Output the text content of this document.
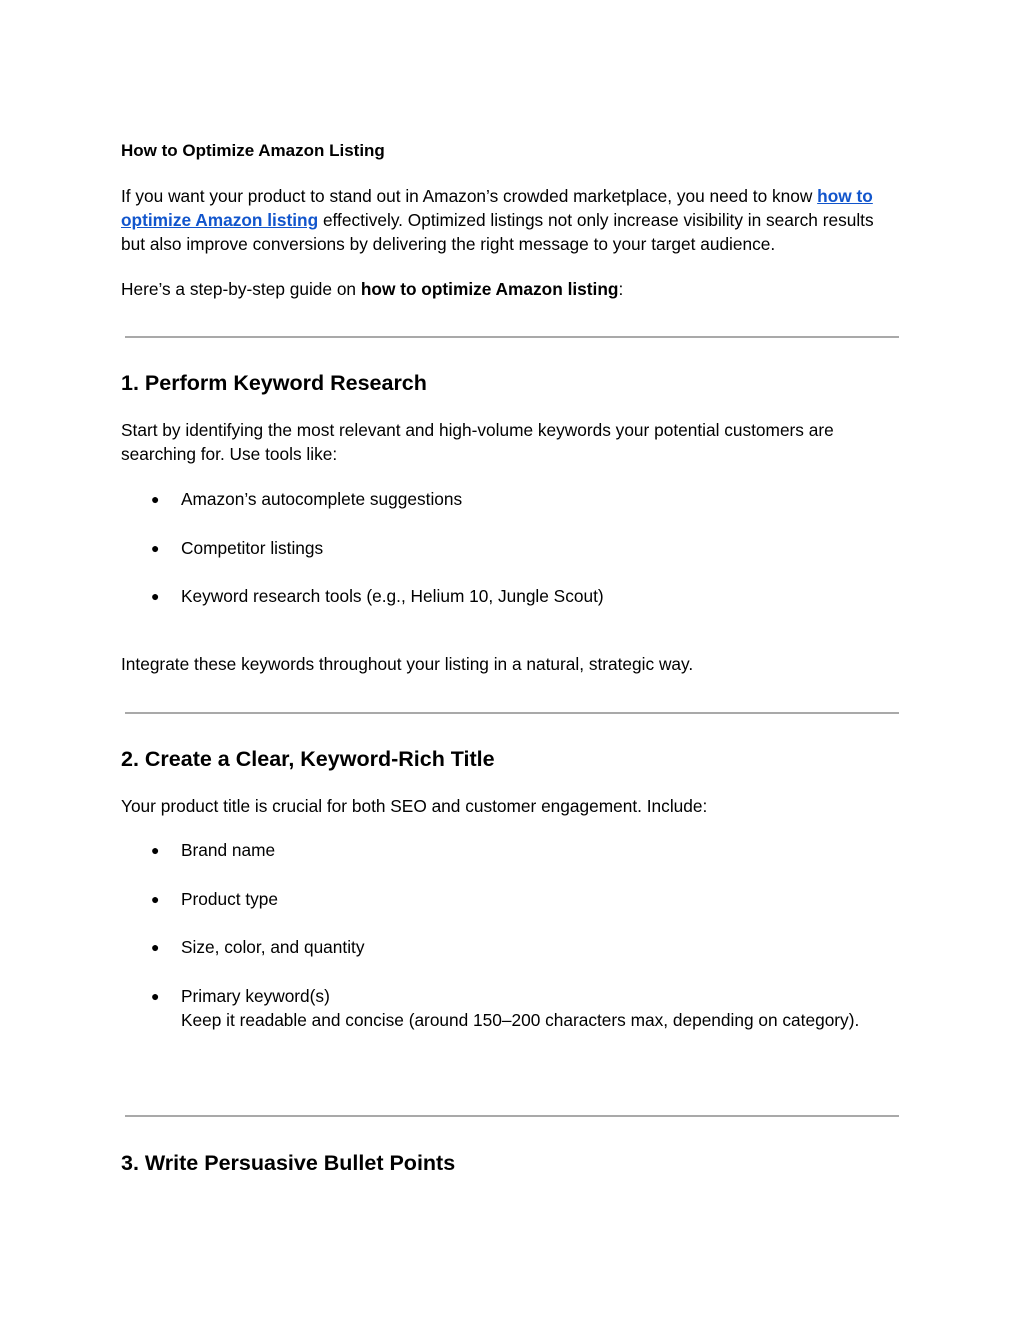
How to Optimize Amazon Listing

If you want your product to stand out in Amazon’s crowded marketplace, you need to know how to optimize Amazon listing effectively. Optimized listings not only increase visibility in search results but also improve conversions by delivering the right message to your target audience.

Here’s a step-by-step guide on how to optimize Amazon listing:

1. Perform Keyword Research

Start by identifying the most relevant and high-volume keywords your potential customers are searching for. Use tools like:

● Amazon’s autocomplete suggestions
● Competitor listings
● Keyword research tools (e.g., Helium 10, Jungle Scout)

Integrate these keywords throughout your listing in a natural, strategic way.

2. Create a Clear, Keyword-Rich Title

Your product title is crucial for both SEO and customer engagement. Include:

● Brand name
● Product type
● Size, color, and quantity
● Primary keyword(s)
Keep it readable and concise (around 150–200 characters max, depending on category).
3. Write Persuasive Bullet Points
